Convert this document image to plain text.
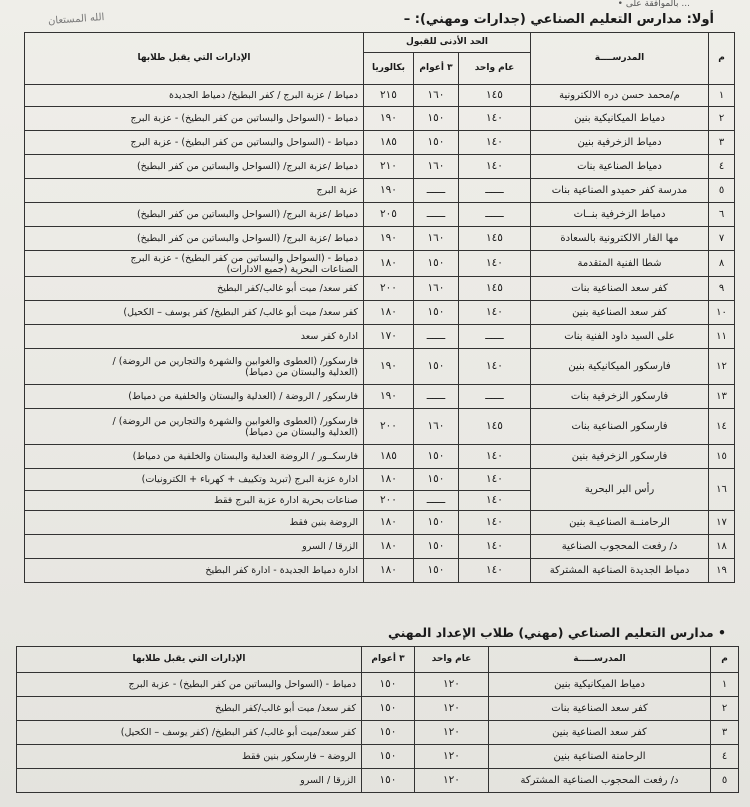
• بالموافقة على ...
الله المستعان	أولا: مدارس التعليم الصناعي (جدارات ومهني): –
م	المدرســــة	الحد الأدنى للقبول			الإدارات التي يقبل طلابها
		عام واحد	٣ أعوام	بكالوريا	
١	م/محمد حسن دره الالكترونية	١٤٥	١٦٠	٢١٥	دمياط / عزبة البرج / كفر البطيخ/ دمياط الجديدة
٢	دمياط الميكانيكية بنين	١٤٠	١٥٠	١٩٠	دمياط - (السواحل والبساتين من كفر البطيخ) - عزبة البرج
٣	دمياط الزخرفية بنين	١٤٠	١٥٠	١٨٥	دمياط - (السواحل والبساتين من كفر البطيخ) - عزبة البرج
٤	دمياط الصناعية بنات	١٤٠	١٦٠	٢١٠	دمياط /عزبة البرج/ (السواحل والبساتين من كفر البطيخ)
٥	مدرسة كفر حميدو الصناعية بنات	ــــــ	ــــــ	١٩٠	عزبة البرج
٦	دمياط الزخرفية بنــات	ــــــ	ــــــ	٢٠٥	دمياط /عزبة البرج/ (السواحل والبساتين من كفر البطيخ)
٧	مها الفار الالكترونية بالسعادة	١٤٥	١٦٠	١٩٠	دمياط /عزبة البرج/ (السواحل والبساتين من كفر البطيخ)
٨	شطا الفنية المتقدمة	١٤٠	١٥٠	١٨٠	دمياط - (السواحل والبساتين من كفر البطيخ) - عزبة البرج
الصناعات البحرية (جميع الادارات)
٩	كفر سعد الصناعية بنات	١٤٥	١٦٠	٢٠٠	كفر سعد/ ميت أبو غالب/كفر البطيخ
١٠	كفر سعد الصناعية بنين	١٤٠	١٥٠	١٨٠	كفر سعد/ ميت أبو غالب/ كفر البطيخ/ كفر يوسف – الكحيل)
١١	على السيد داود الفنية بنات	ــــــ	ــــــ	١٧٠	ادارة كفر سعد
١٢	فارسكور الميكانيكية بنين	١٤٠	١٥٠	١٩٠	فارسكور/ (العطوى والغوابين والشهرة والتجارين من الروضة) /
(العدلية والبستان من دمياط)
١٣	فارسكور الزخرفية بنات	ــــــ	ــــــ	١٩٠	فارسكور / الروضة / (العدلية والبستان والخلفية من دمياط)
١٤	فارسكور الصناعية بنات	١٤٥	١٦٠	٢٠٠	فارسكور/ (العطوى والغوابين والشهرة والتجارين من الروضة) /
(العدلية والبستان من دمياط)
١٥	فارسكور الزخرفية بنين	١٤٠	١٥٠	١٨٥	فارسكــور / الروضة العدلية والبستان والخلفية من دمياط)
١٦	رأس البر البحرية	١٤٠	١٥٠	١٨٠	ادارة عزبة البرج (تبريد وتكييف + كهرباء + الكترونيات)
		١٤٠	ــــــ	٢٠٠	صناعات بحرية ادارة عزبة البرج فقط
١٧	الرحامنــة الصناعيـة بنين	١٤٠	١٥٠	١٨٠	الروضة بنين فقط
١٨	د/ رفعت المحجوب الصناعية	١٤٠	١٥٠	١٨٠	الزرقا / السرو
١٩	دمياط الجديدة الصناعية المشتركة	١٤٠	١٥٠	١٨٠	ادارة دمياط الجديدة - ادارة كفر البطيخ
• مدارس التعليم الصناعي (مهني) طلاب الإعداد المهني
م	المدرســـــة	عام واحد	٣ أعوام	الإدارات التي يقبل طلابها
١	دمياط الميكانيكية بنين	١٢٠	١٥٠	دمياط - (السواحل والبساتين من كفر البطيخ) - عزبة البرج
٢	كفر سعد الصناعية بنات	١٢٠	١٥٠	كفر سعد/ ميت أبو غالب/كفر البطيخ
٣	كفر سعد الصناعية بنين	١٢٠	١٥٠	كفر سعد/ميت أبو غالب/ كفر البطيخ/ (كفر يوسف – الكحيل)
٤	الرحامنة الصناعية بنين	١٢٠	١٥٠	الروضة – فارسكور بنين فقط
٥	د/ رفعت المحجوب الصناعية المشتركة	١٢٠	١٥٠	الزرقا / السرو
